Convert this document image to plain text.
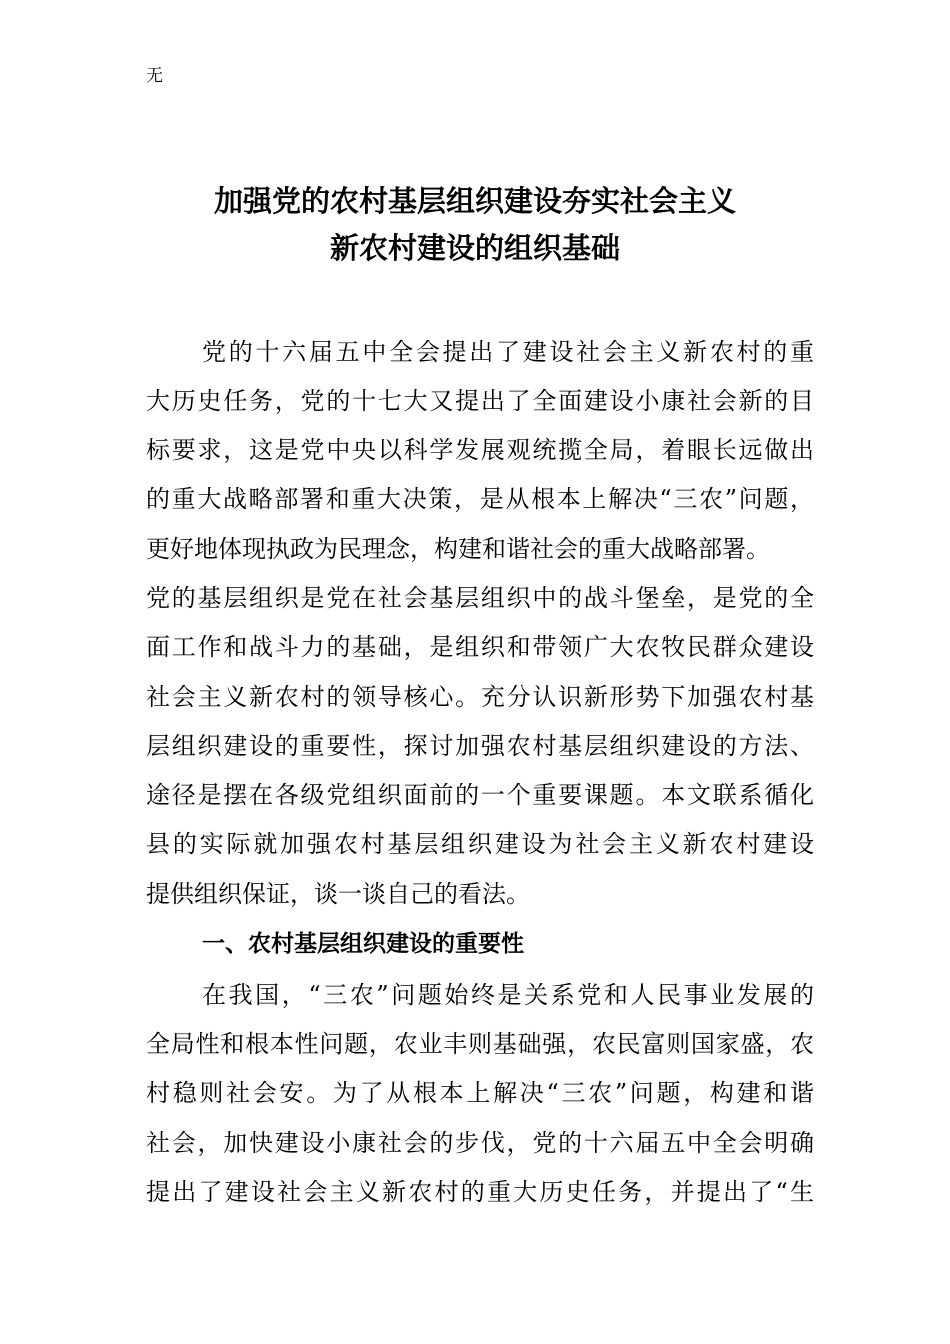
无
加强党的农村基层组织建设夯实社会主义
新农村建设的组织基础
党的十六届五中全会提出了建设社会主义新农村的重
大历史任务，党的十七大又提出了全面建设小康社会新的目
标要求，这是党中央以科学发展观统揽全局，着眼长远做出
的重大战略部署和重大决策，是从根本上解决“三农”问题，
更好地体现执政为民理念，构建和谐社会的重大战略部署。
党的基层组织是党在社会基层组织中的战斗堡垒，是党的全
面工作和战斗力的基础，是组织和带领广大农牧民群众建设
社会主义新农村的领导核心。充分认识新形势下加强农村基
层组织建设的重要性，探讨加强农村基层组织建设的方法、
途径是摆在各级党组织面前的一个重要课题。本文联系循化
县的实际就加强农村基层组织建设为社会主义新农村建设
提供组织保证，谈一谈自己的看法。
一、农村基层组织建设的重要性
在我国，“三农”问题始终是关系党和人民事业发展的
全局性和根本性问题，农业丰则基础强，农民富则国家盛，农
村稳则社会安。为了从根本上解决“三农”问题，构建和谐
社会，加快建设小康社会的步伐，党的十六届五中全会明确
提出了建设社会主义新农村的重大历史任务，并提出了“生
